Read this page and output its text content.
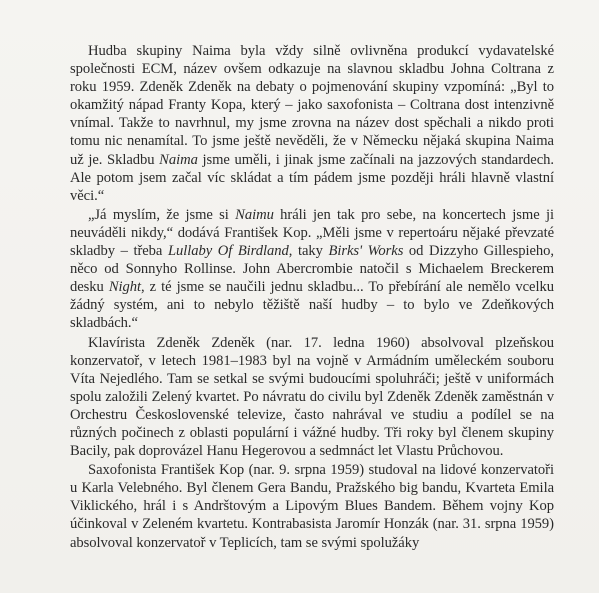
Hudba skupiny Naima byla vždy silně ovlivněna produkcí vydavatelské společnosti ECM, název ovšem odkazuje na slavnou skladbu Johna Coltrana z roku 1959. Zdeněk Zdeněk na debaty o pojmenování skupiny vzpomíná: „Byl to okamžitý nápad Franty Kopa, který – jako saxofonista – Coltrana dost intenzivně vnímal. Takže to navrhnul, my jsme zrovna na název dost spěchali a nikdo proti tomu nic nenamítal. To jsme ještě nevěděli, že v Německu nějaká skupina Naima už je. Skladbu Naima jsme uměli, i jinak jsme začínali na jazzových standardech. Ale potom jsem začal víc skládat a tím pádem jsme později hráli hlavně vlastní věci.“

„Já myslím, že jsme si Naimu hráli jen tak pro sebe, na koncertech jsme ji neuváděli nikdy,“ dodává František Kop. „Měli jsme v repertoáru nějaké převzaté skladby – třeba Lullaby Of Birdland, taky Birks' Works od Dizzyho Gillespieho, něco od Sonnyho Rollinse. John Abercrombie natočil s Michaelem Breckerem desku Night, z té jsme se naučili jednu skladbu... To přebírání ale nemělo vcelku žádný systém, ani to nebylo těžiště naší hudby – to bylo ve Zdeňkových skladbách.“

Klavírista Zdeněk Zdeněk (nar. 17. ledna 1960) absolvoval plzeňskou konzervatoř, v letech 1981–1983 byl na vojně v Armádním uměleckém souboru Víta Nejedlého. Tam se setkal se svými budoucími spoluhráči; ještě v uniformách spolu založili Zelený kvartet. Po návratu do civilu byl Zdeněk Zdeněk zaměstnán v Orchestru Československé televize, často nahrával ve studiu a podílel se na různých počinech z oblasti populární i vážné hudby. Tři roky byl členem skupiny Bacily, pak doprovázel Hanu Hegerovou a sedmnáct let Vlastu Průchovou.

Saxofonista František Kop (nar. 9. srpna 1959) studoval na lidové konzervatoři u Karla Velebného. Byl členem Gera Bandu, Pražského big bandu, Kvarteta Emila Viklického, hrál i s Andrštovým a Lipovým Blues Bandem. Během vojny Kop účinkoval v Zeleném kvartetu. Kontrabasista Jaromír Honzák (nar. 31. srpna 1959) absolvoval konzervatoř v Teplicích, tam se svými spolužáky
